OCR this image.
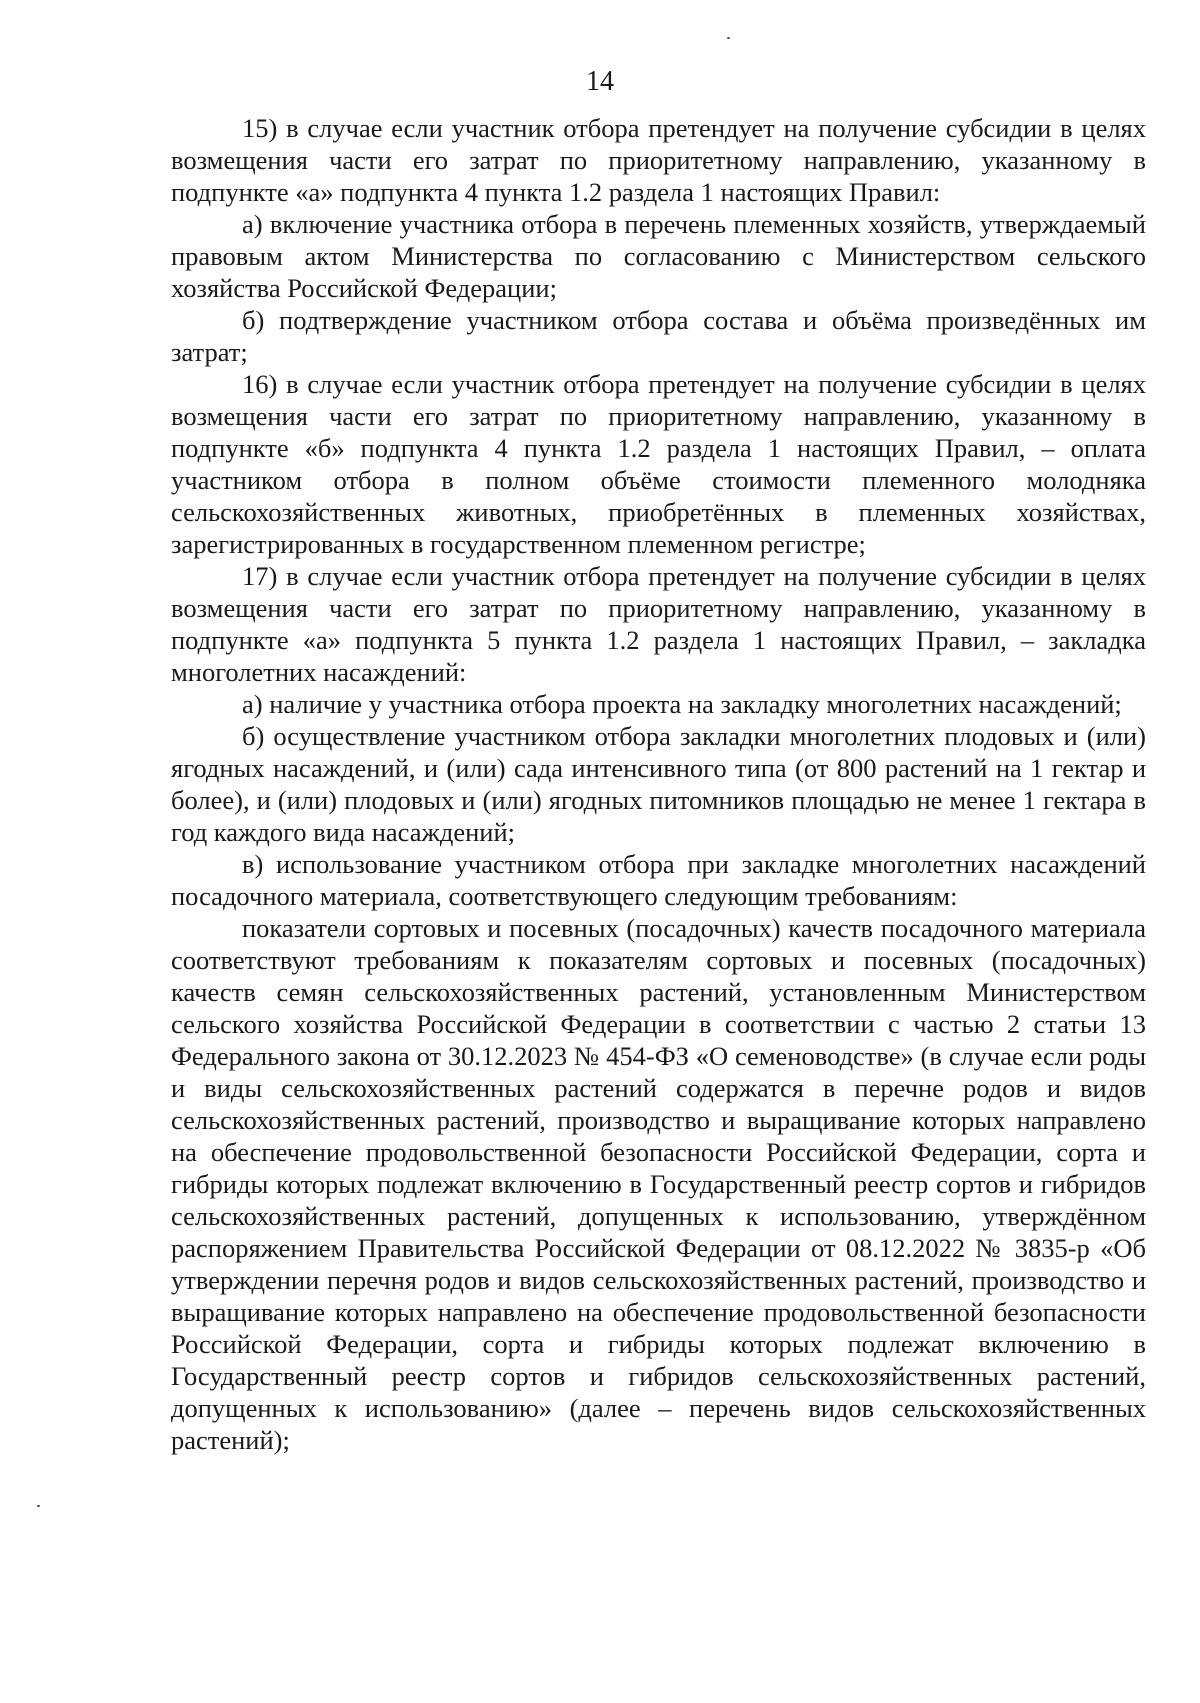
14

15) в случае если участник отбора претендует на получение субсидии в целях возмещения части его затрат по приоритетному направлению, указанному в подпункте «а» подпункта 4 пункта 1.2 раздела 1 настоящих Правил:

а) включение участника отбора в перечень племенных хозяйств, утверждаемый правовым актом Министерства по согласованию с Министерством сельского хозяйства Российской Федерации;

б) подтверждение участником отбора состава и объёма произведённых им затрат;

16) в случае если участник отбора претендует на получение субсидии в целях возмещения части его затрат по приоритетному направлению, указанному в подпункте «б» подпункта 4 пункта 1.2 раздела 1 настоящих Правил, – оплата участником отбора в полном объёме стоимости племенного молодняка сельскохозяйственных животных, приобретённых в племенных хозяйствах, зарегистрированных в государственном племенном регистре;

17) в случае если участник отбора претендует на получение субсидии в целях возмещения части его затрат по приоритетному направлению, указанному в подпункте «а» подпункта 5 пункта 1.2 раздела 1 настоящих Правил, – закладка многолетних насаждений:

а) наличие у участника отбора проекта на закладку многолетних насаждений;

б) осуществление участником отбора закладки многолетних плодовых и (или) ягодных насаждений, и (или) сада интенсивного типа (от 800 растений на 1 гектар и более), и (или) плодовых и (или) ягодных питомников площадью не менее 1 гектара в год каждого вида насаждений;

в) использование участником отбора при закладке многолетних насаждений посадочного материала, соответствующего следующим требованиям:

показатели сортовых и посевных (посадочных) качеств посадочного материала соответствуют требованиям к показателям сортовых и посевных (посадочных) качеств семян сельскохозяйственных растений, установленным Министерством сельского хозяйства Российской Федерации в соответствии с частью 2 статьи 13 Федерального закона от 30.12.2023 № 454-ФЗ «О семеноводстве» (в случае если роды и виды сельскохозяйственных растений содержатся в перечне родов и видов сельскохозяйственных растений, производство и выращивание которых направлено на обеспечение продовольственной безопасности Российской Федерации, сорта и гибриды которых подлежат включению в Государственный реестр сортов и гибридов сельскохозяйственных растений, допущенных к использованию, утверждённом распоряжением Правительства Российской Федерации от 08.12.2022 № 3835-р «Об утверждении перечня родов и видов сельскохозяйственных растений, производство и выращивание которых направлено на обеспечение продовольственной безопасности Российской Федерации, сорта и гибриды которых подлежат включению в Государственный реестр сортов и гибридов сельскохозяйственных растений, допущенных к использованию» (далее – перечень видов сельскохозяйственных растений);
